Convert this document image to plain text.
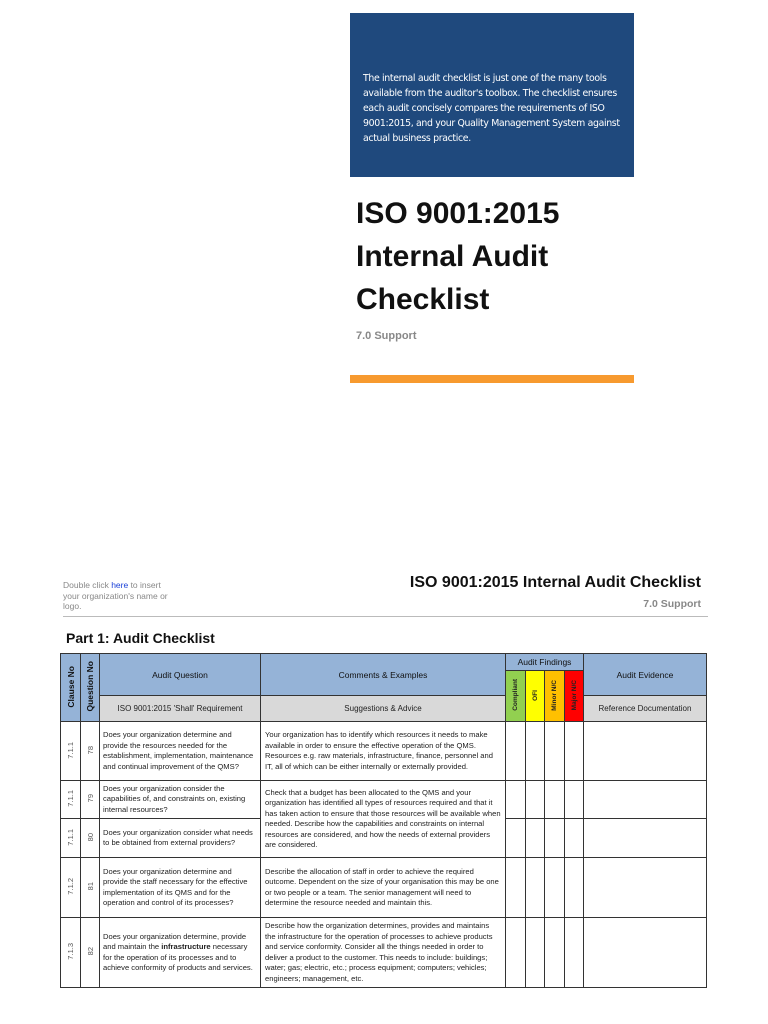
The internal audit checklist is just one of the many tools available from the auditor's toolbox. The checklist ensures each audit concisely compares the requirements of ISO 9001:2015, and your Quality Management System against actual business practice.
ISO 9001:2015
Internal Audit
Checklist
7.0 Support
Double click here to insert your organization's name or logo.
ISO 9001:2015 Internal Audit Checklist
7.0 Support
Part 1: Audit Checklist
Clause No	Question No	Audit Question	Comments & Examples	Audit Findings				Audit Evidence
				Compliant	OFI	Minor N/C	Major N/C	
		ISO 9001:2015 'Shall' Requirement	Suggestions & Advice					Reference Documentation
7.1.1	78	Does your organization determine and provide the resources needed for the establishment, implementation, maintenance and continual improvement of the QMS?	Your organization has to identify which resources it needs to make available in order to ensure the effective operation of the QMS. Resources e.g. raw materials, infrastructure, finance, personnel and IT, all of which can be either internally or externally provided.					
7.1.1	79	Does your organization consider the capabilities of, and constraints on, existing internal resources?	Check that a budget has been allocated to the QMS and your organization has identified all types of resources required and that it has taken action to ensure that those resources will be available when needed. Describe how the capabilities and constraints on internal resources are considered, and how the needs of external providers are considered.					
7.1.1	80	Does your organization consider what needs to be obtained from external providers?						
7.1.2	81	Does your organization determine and provide the staff necessary for the effective implementation of its QMS and for the operation and control of its processes?	Describe the allocation of staff in order to achieve the required outcome. Dependent on the size of your organisation this may be one or two people or a team. The senior management will need to determine the resource needed and maintain this.					
7.1.3	82	Does your organization determine, provide and maintain the infrastructure necessary for the operation of its processes and to achieve conformity of products and services.	Describe how the organization determines, provides and maintains the infrastructure for the operation of processes to achieve products and service conformity. Consider all the things needed in order to deliver a product to the customer. This needs to include: buildings; water; gas; electric, etc.; process equipment; computers; vehicles; engineers; management, etc.					
